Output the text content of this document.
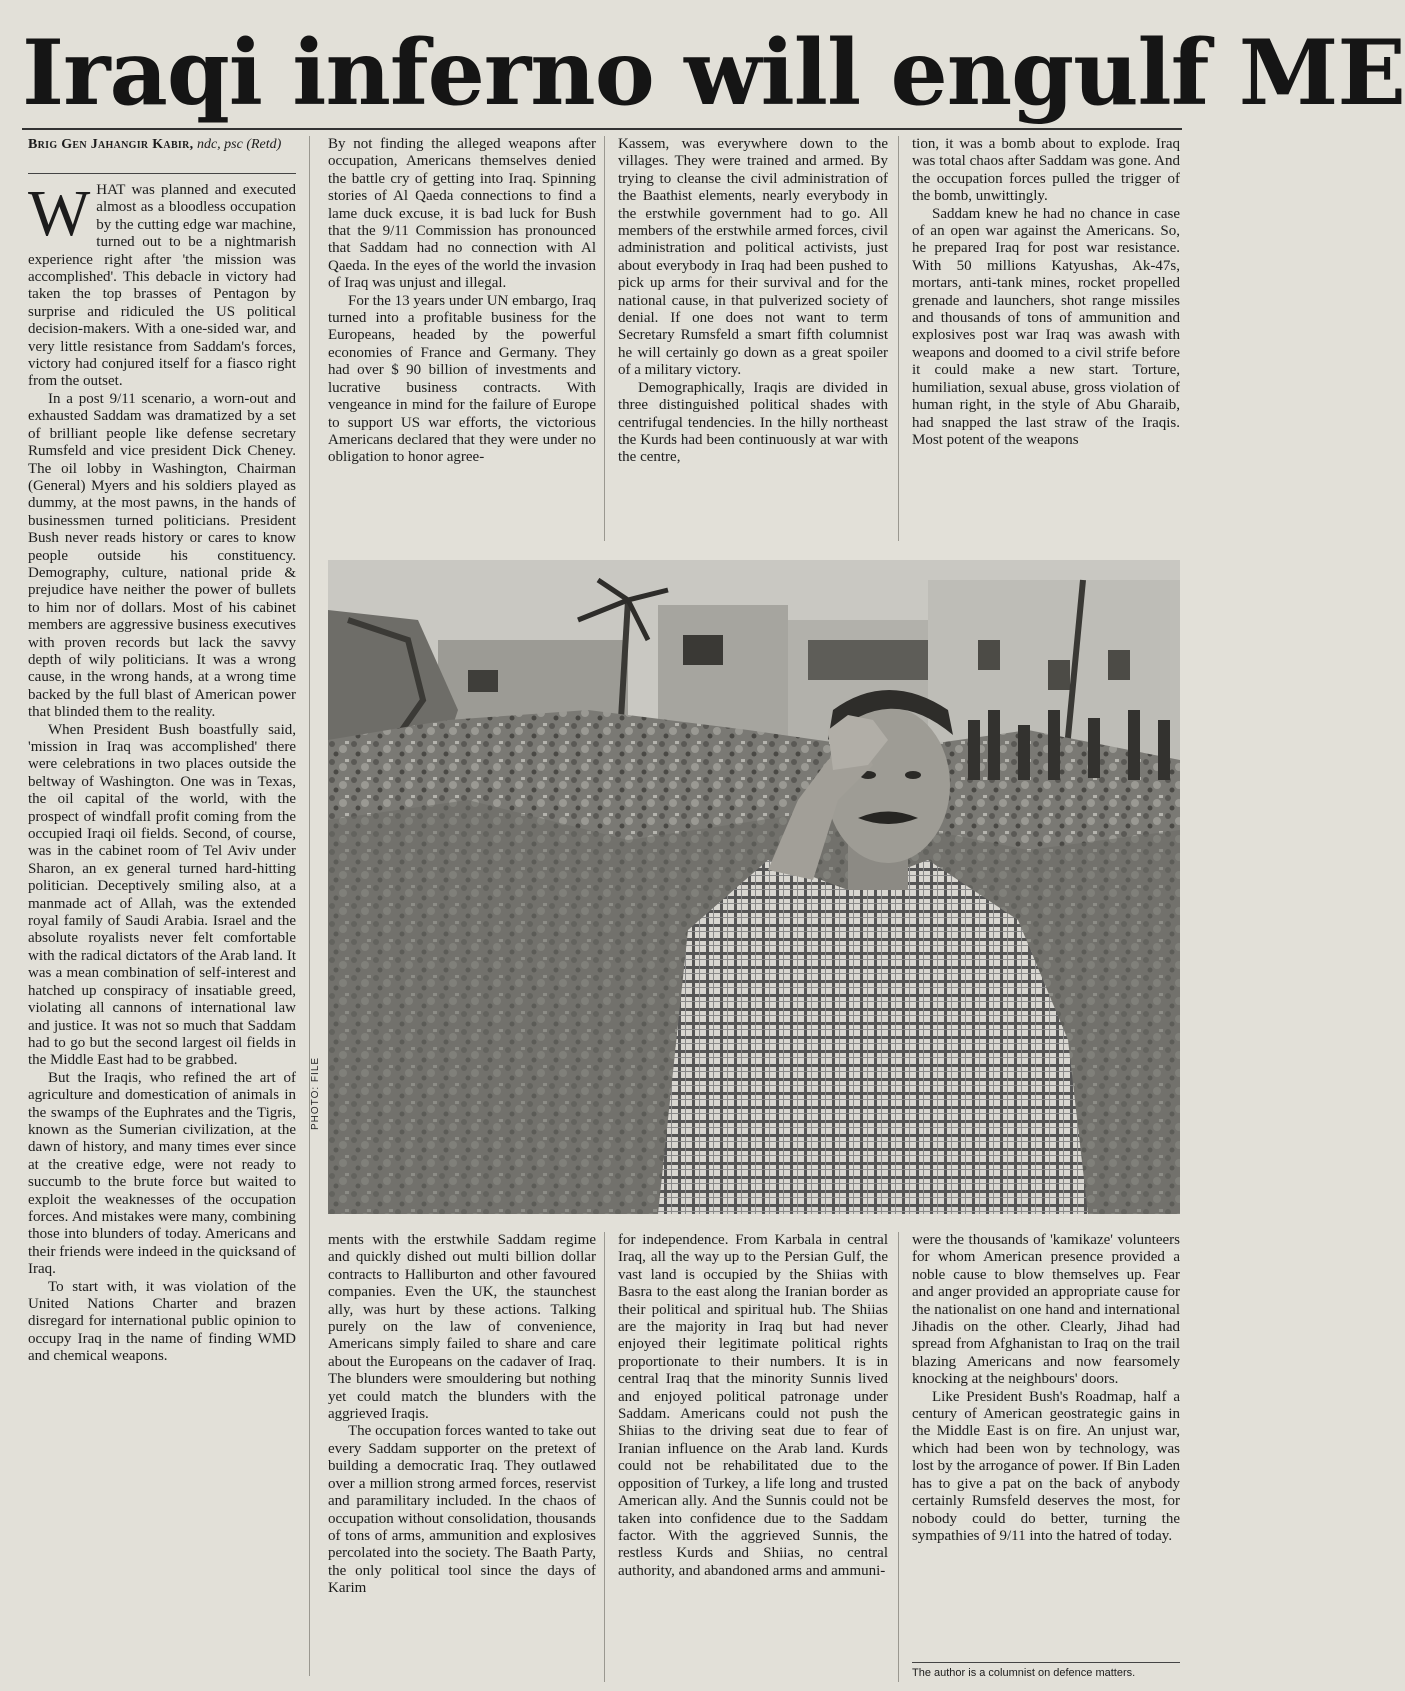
Iraqi inferno will engulf ME
Brig Gen Jahangir Kabir, ndc, psc (Retd)

WHAT was planned and executed almost as a bloodless occupation by the cutting edge war machine, turned out to be a nightmarish experience right after 'the mission was accomplished'. This debacle in victory had taken the top brasses of Pentagon by surprise and ridiculed the US political decision-makers. With a one-sided war, and very little resistance from Saddam's forces, victory had conjured itself for a fiasco right from the outset.

In a post 9/11 scenario, a worn-out and exhausted Saddam was dramatized by a set of brilliant people like defense secretary Rumsfeld and vice president Dick Cheney. The oil lobby in Washington, Chairman (General) Myers and his soldiers played as dummy, at the most pawns, in the hands of businessmen turned politicians. President Bush never reads history or cares to know people outside his constituency. Demography, culture, national pride & prejudice have neither the power of bullets to him nor of dollars. Most of his cabinet members are aggressive business executives with proven records but lack the savvy depth of wily politicians. It was a wrong cause, in the wrong hands, at a wrong time backed by the full blast of American power that blinded them to the reality.

When President Bush boastfully said, 'mission in Iraq was accomplished' there were celebrations in two places outside the beltway of Washington. One was in Texas, the oil capital of the world, with the prospect of windfall profit coming from the occupied Iraqi oil fields. Second, of course, was in the cabinet room of Tel Aviv under Sharon, an ex general turned hard-hitting politician. Deceptively smiling also, at a manmade act of Allah, was the extended royal family of Saudi Arabia. Israel and the absolute royalists never felt comfortable with the radical dictators of the Arab land. It was a mean combination of self-interest and hatched up conspiracy of insatiable greed, violating all cannons of international law and justice. It was not so much that Saddam had to go but the second largest oil fields in the Middle East had to be grabbed.

But the Iraqis, who refined the art of agriculture and domestication of animals in the swamps of the Euphrates and the Tigris, known as the Sumerian civilization, at the dawn of history, and many times ever since at the creative edge, were not ready to succumb to the brute force but waited to exploit the weaknesses of the occupation forces. And mistakes were many, combining those into blunders of today. Americans and their friends were indeed in the quicksand of Iraq.

To start with, it was violation of the United Nations Charter and brazen disregard for international public opinion to occupy Iraq in the name of finding WMD and chemical weapons.

By not finding the alleged weapons after occupation, Americans themselves denied the battle cry of getting into Iraq. Spinning stories of Al Qaeda connections to find a lame duck excuse, it is bad luck for Bush that the 9/11 Commission has pronounced that Saddam had no connection with Al Qaeda. In the eyes of the world the invasion of Iraq was unjust and illegal.

For the 13 years under UN embargo, Iraq turned into a profitable business for the Europeans, headed by the powerful economies of France and Germany. They had over $ 90 billion of investments and lucrative business contracts. With vengeance in mind for the failure of Europe to support US war efforts, the victorious Americans declared that they were under no obligation to honor agree-

Kassem, was everywhere down to the villages. They were trained and armed. By trying to cleanse the civil administration of the Baathist elements, nearly everybody in the erstwhile government had to go. All members of the erstwhile armed forces, civil administration and political activists, just about everybody in Iraq had been pushed to pick up arms for their survival and for the national cause, in that pulverized society of denial. If one does not want to term Secretary Rumsfeld a smart fifth columnist he will certainly go down as a great spoiler of a military victory.

Demographically, Iraqis are divided in three distinguished political shades with centrifugal tendencies. In the hilly northeast the Kurds had been continuously at war with the centre,

tion, it was a bomb about to explode. Iraq was total chaos after Saddam was gone. And the occupation forces pulled the trigger of the bomb, unwittingly.

Saddam knew he had no chance in case of an open war against the Americans. So, he prepared Iraq for post war resistance. With 50 millions Katyushas, Ak-47s, mortars, anti-tank mines, rocket propelled grenade and launchers, shot range missiles and thousands of tons of ammunition and explosives post war Iraq was awash with weapons and doomed to a civil strife before it could make a new start. Torture, humiliation, sexual abuse, gross violation of human right, in the style of Abu Gharaib, had snapped the last straw of the Iraqis. Most potent of the weapons

PHOTO: FILE

ments with the erstwhile Saddam regime and quickly dished out multi billion dollar contracts to Halliburton and other favoured companies. Even the UK, the staunchest ally, was hurt by these actions. Talking purely on the law of convenience, Americans simply failed to share and care about the Europeans on the cadaver of Iraq. The blunders were smouldering but nothing yet could match the blunders with the aggrieved Iraqis.

The occupation forces wanted to take out every Saddam supporter on the pretext of building a democratic Iraq. They outlawed over a million strong armed forces, reservist and paramilitary included. In the chaos of occupation without consolidation, thousands of tons of arms, ammunition and explosives percolated into the society. The Baath Party, the only political tool since the days of Karim

for independence. From Karbala in central Iraq, all the way up to the Persian Gulf, the vast land is occupied by the Shiias with Basra to the east along the Iranian border as their political and spiritual hub. The Shiias are the majority in Iraq but had never enjoyed their legitimate political rights proportionate to their numbers. It is in central Iraq that the minority Sunnis lived and enjoyed political patronage under Saddam. Americans could not push the Shiias to the driving seat due to fear of Iranian influence on the Arab land. Kurds could not be rehabilitated due to the opposition of Turkey, a life long and trusted American ally. And the Sunnis could not be taken into confidence due to the Saddam factor. With the aggrieved Sunnis, the restless Kurds and Shiias, no central authority, and abandoned arms and ammuni-

were the thousands of 'kamikaze' volunteers for whom American presence provided a noble cause to blow themselves up. Fear and anger provided an appropriate cause for the nationalist on one hand and international Jihadis on the other. Clearly, Jihad had spread from Afghanistan to Iraq on the trail blazing Americans and now fearsomely knocking at the neighbours' doors.

Like President Bush's Roadmap, half a century of American geostrategic gains in the Middle East is on fire. An unjust war, which had been won by technology, was lost by the arrogance of power. If Bin Laden has to give a pat on the back of anybody certainly Rumsfeld deserves the most, for nobody could do better, turning the sympathies of 9/11 into the hatred of today.

The author is a columnist on defence matters.
